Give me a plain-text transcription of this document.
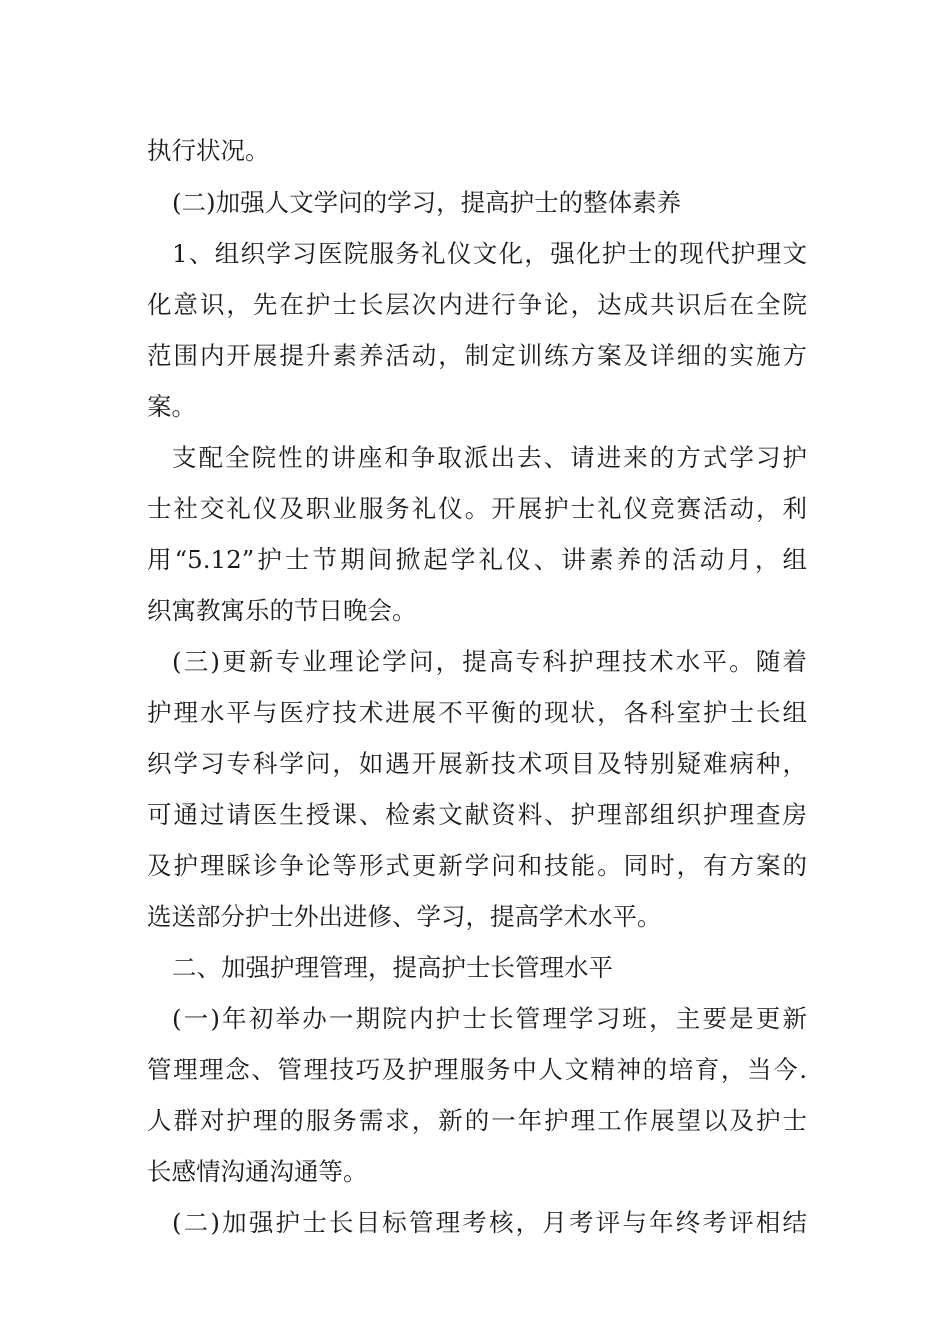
执行状况。
(二)加强人文学问的学习，提高护士的整体素养
1、组织学习医院服务礼仪文化，强化护士的现代护理文
化意识，先在护士长层次内进行争论，达成共识后在全院
范围内开展提升素养活动，制定训练方案及详细的实施方
案。
支配全院性的讲座和争取派出去、请进来的方式学习护
士社交礼仪及职业服务礼仪。开展护士礼仪竞赛活动，利
用“5.12”护士节期间掀起学礼仪、讲素养的活动月，组
织寓教寓乐的节日晚会。
(三)更新专业理论学问，提高专科护理技术水平。随着
护理水平与医疗技术进展不平衡的现状，各科室护士长组
织学习专科学问，如遇开展新技术项目及特别疑难病种，
可通过请医生授课、检索文献资料、护理部组织护理查房
及护理睬诊争论等形式更新学问和技能。同时，有方案的
选送部分护士外出进修、学习，提高学术水平。
二、加强护理管理，提高护士长管理水平
(一)年初举办一期院内护士长管理学习班，主要是更新
管理理念、管理技巧及护理服务中人文精神的培育，当今.
人群对护理的服务需求，新的一年护理工作展望以及护士
长感情沟通沟通等。
(二)加强护士长目标管理考核，月考评与年终考评相结
